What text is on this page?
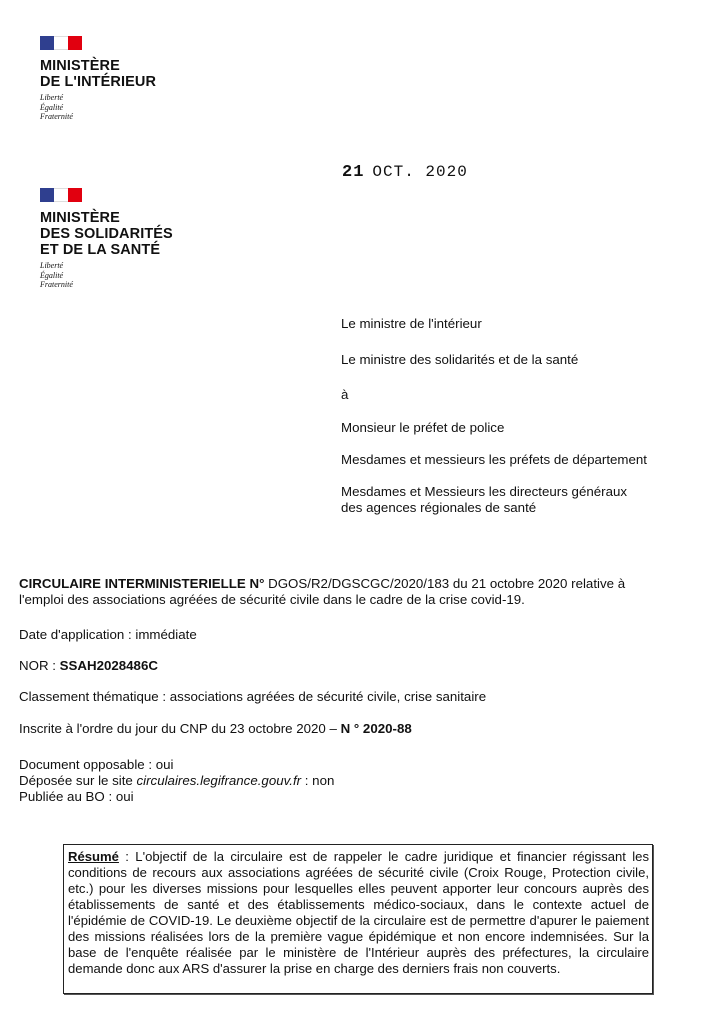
MINISTÈRE
DE L'INTÉRIEUR
Liberté
Égalité
Fraternité
21 OCT. 2020
MINISTÈRE
DES SOLIDARITÉS
ET DE LA SANTÉ
Liberté
Égalité
Fraternité
Le ministre de l'intérieur
Le ministre des solidarités et de la santé
à
Monsieur le préfet de police
Mesdames et messieurs les préfets de département
Mesdames et Messieurs les directeurs généraux
des agences régionales de santé
CIRCULAIRE INTERMINISTERIELLE N° DGOS/R2/DGSCGC/2020/183 du 21 octobre 2020 relative à
l'emploi des associations agréées de sécurité civile dans le cadre de la crise covid-19.
Date d'application : immédiate
NOR : SSAH2028486C
Classement thématique : associations agréées de sécurité civile, crise sanitaire
Inscrite à l'ordre du jour du CNP du 23 octobre 2020 – N ° 2020-88
Document opposable : oui
Déposée sur le site circulaires.legifrance.gouv.fr : non
Publiée au BO : oui

Résumé : L'objectif de la circulaire est de rappeler le cadre juridique et financier régissant les conditions de recours aux associations agréées de sécurité civile (Croix Rouge, Protection civile, etc.) pour les diverses missions pour lesquelles elles peuvent apporter leur concours auprès des établissements de santé et des établissements médico-sociaux, dans le contexte actuel de l'épidémie de COVID-19. Le deuxième objectif de la circulaire est de permettre d'apurer le paiement des missions réalisées lors de la première vague épidémique et non encore indemnisées. Sur la base de l'enquête réalisée par le ministère de l'Intérieur auprès des préfectures, la circulaire demande donc aux ARS d'assurer la prise en charge des derniers frais non couverts.
